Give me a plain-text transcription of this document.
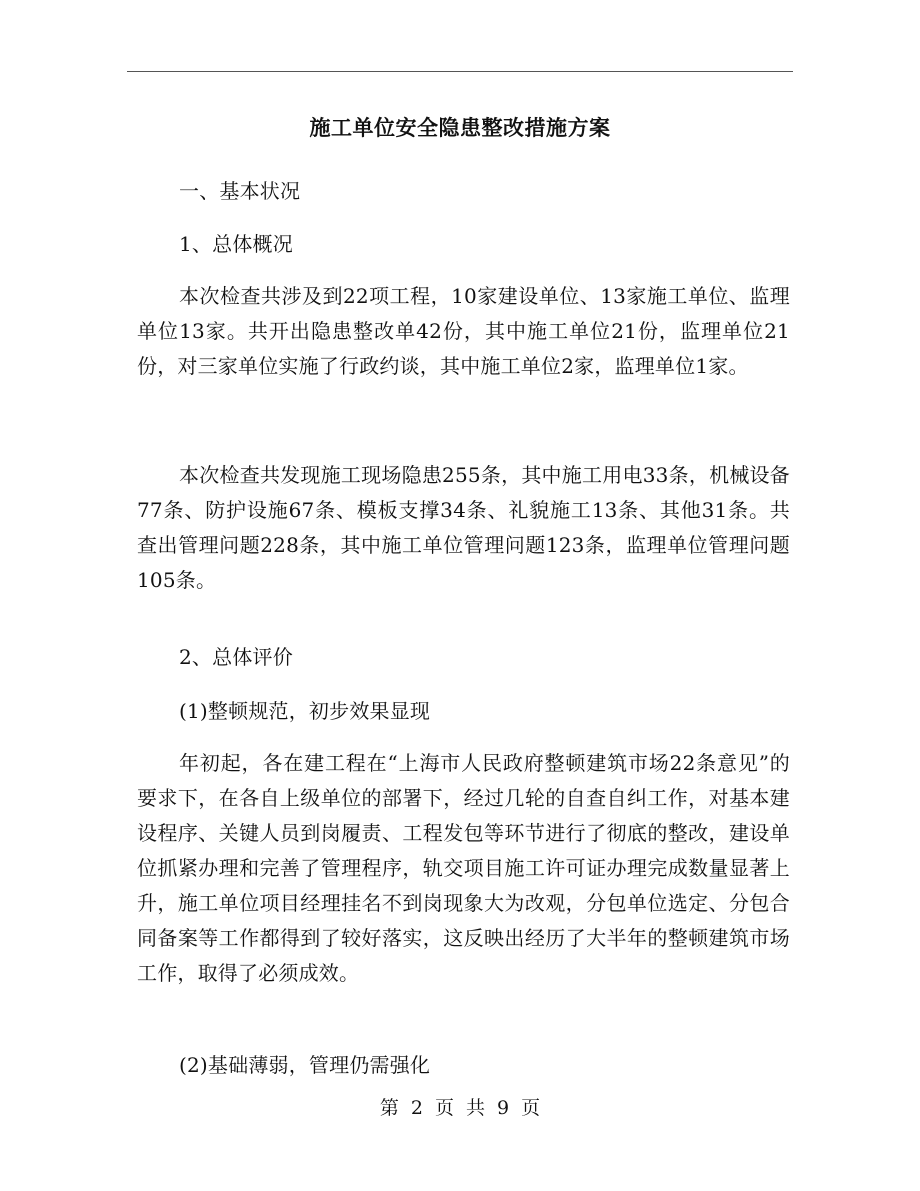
施工单位安全隐患整改措施方案
一、基本状况
1、总体概况
本次检查共涉及到22项工程，10家建设单位、13家施工单位、监理单位13家。共开出隐患整改单42份，其中施工单位21份，监理单位21份，对三家单位实施了行政约谈，其中施工单位2家，监理单位1家。
本次检查共发现施工现场隐患255条，其中施工用电33条，机械设备77条、防护设施67条、模板支撑34条、礼貌施工13条、其他31条。共查出管理问题228条，其中施工单位管理问题123条，监理单位管理问题105条。
2、总体评价
(1)整顿规范，初步效果显现
年初起，各在建工程在“上海市人民政府整顿建筑市场22条意见”的要求下，在各自上级单位的部署下，经过几轮的自查自纠工作，对基本建设程序、关键人员到岗履责、工程发包等环节进行了彻底的整改，建设单位抓紧办理和完善了管理程序，轨交项目施工许可证办理完成数量显著上升，施工单位项目经理挂名不到岗现象大为改观，分包单位选定、分包合同备案等工作都得到了较好落实，这反映出经历了大半年的整顿建筑市场工作，取得了必须成效。
(2)基础薄弱，管理仍需强化
第 2 页 共 9 页
